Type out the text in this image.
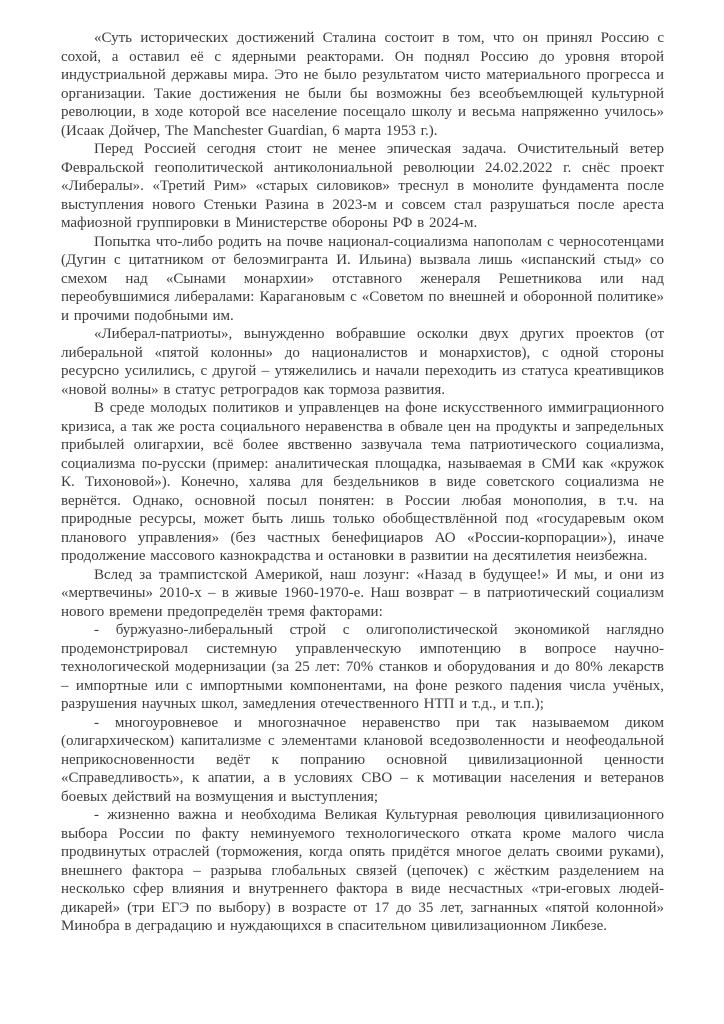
«Суть исторических достижений Сталина состоит в том, что он принял Россию с сохой, а оставил её с ядерными реакторами. Он поднял Россию до уровня второй индустриальной державы мира. Это не было результатом чисто материального прогресса и организации. Такие достижения не были бы возможны без всеобъемлющей культурной революции, в ходе которой все население посещало школу и весьма напряженно училось» (Исаак Дойчер, The Manchester Guardian, 6 марта 1953 г.).

Перед Россией сегодня стоит не менее эпическая задача. Очистительный ветер Февральской геополитической антиколониальной революции 24.02.2022 г. снёс проект «Либералы». «Третий Рим» «старых силовиков» треснул в монолите фундамента после выступления нового Стеньки Разина в 2023-м и совсем стал разрушаться после ареста мафиозной группировки в Министерстве обороны РФ в 2024-м.

Попытка что-либо родить на почве национал-социализма напополам с черносотенцами (Дугин с цитатником от белоэмигранта И. Ильина) вызвала лишь «испанский стыд» со смехом над «Сынами монархии» отставного женераля Решетникова или над переобувшимися либералами: Карагановым с «Советом по внешней и оборонной политике» и прочими подобными им.

«Либерал-патриоты», вынужденно вобравшие осколки двух других проектов (от либеральной «пятой колонны» до националистов и монархистов), с одной стороны ресурсно усилились, с другой – утяжелились и начали переходить из статуса креативщиков «новой волны» в статус ретроградов как тормоза развития.

В среде молодых политиков и управленцев на фоне искусственного иммиграционного кризиса, а так же роста социального неравенства в обвале цен на продукты и запредельных прибылей олигархии, всё более явственно зазвучала тема патриотического социализма, социализма по-русски (пример: аналитическая площадка, называемая в СМИ как «кружок К. Тихоновой»). Конечно, халява для бездельников в виде советского социализма не вернётся. Однако, основной посыл понятен: в России любая монополия, в т.ч. на природные ресурсы, может быть лишь только обобществлённой под «государевым оком планового управления» (без частных бенефициаров АО «России-корпорации»), иначе продолжение массового казнокрадства и остановки в развитии на десятилетия неизбежна.

Вслед за трампистской Америкой, наш лозунг: «Назад в будущее!» И мы, и они из «мертвечины» 2010-х – в живые 1960-1970-е. Наш возврат – в патриотический социализм нового времени предопределён тремя факторами:

- буржуазно-либеральный строй с олигополистической экономикой наглядно продемонстрировал системную управленческую импотенцию в вопросе научно-технологической модернизации (за 25 лет: 70% станков и оборудования и до 80% лекарств – импортные или с импортными компонентами, на фоне резкого падения числа учёных, разрушения научных школ, замедления отечественного НТП и т.д., и т.п.);

- многоуровневое и многозначное неравенство при так называемом диком (олигархическом) капитализме с элементами клановой вседозволенности и неофеодальной неприкосновенности ведёт к попранию основной цивилизационной ценности «Справедливость», к апатии, а в условиях СВО – к мотивации населения и ветеранов боевых действий на возмущения и выступления;

- жизненно важна и необходима Великая Культурная революция цивилизационного выбора России по факту неминуемого технологического отката кроме малого числа продвинутых отраслей (торможения, когда опять придётся многое делать своими руками), внешнего фактора – разрыва глобальных связей (цепочек) с жёстким разделением на несколько сфер влияния и внутреннего фактора в виде несчастных «три-еговых людей-дикарей» (три ЕГЭ по выбору) в возрасте от 17 до 35 лет, загнанных «пятой колонной» Минобра в деградацию и нуждающихся в спасительном цивилизационном Ликбезе.
